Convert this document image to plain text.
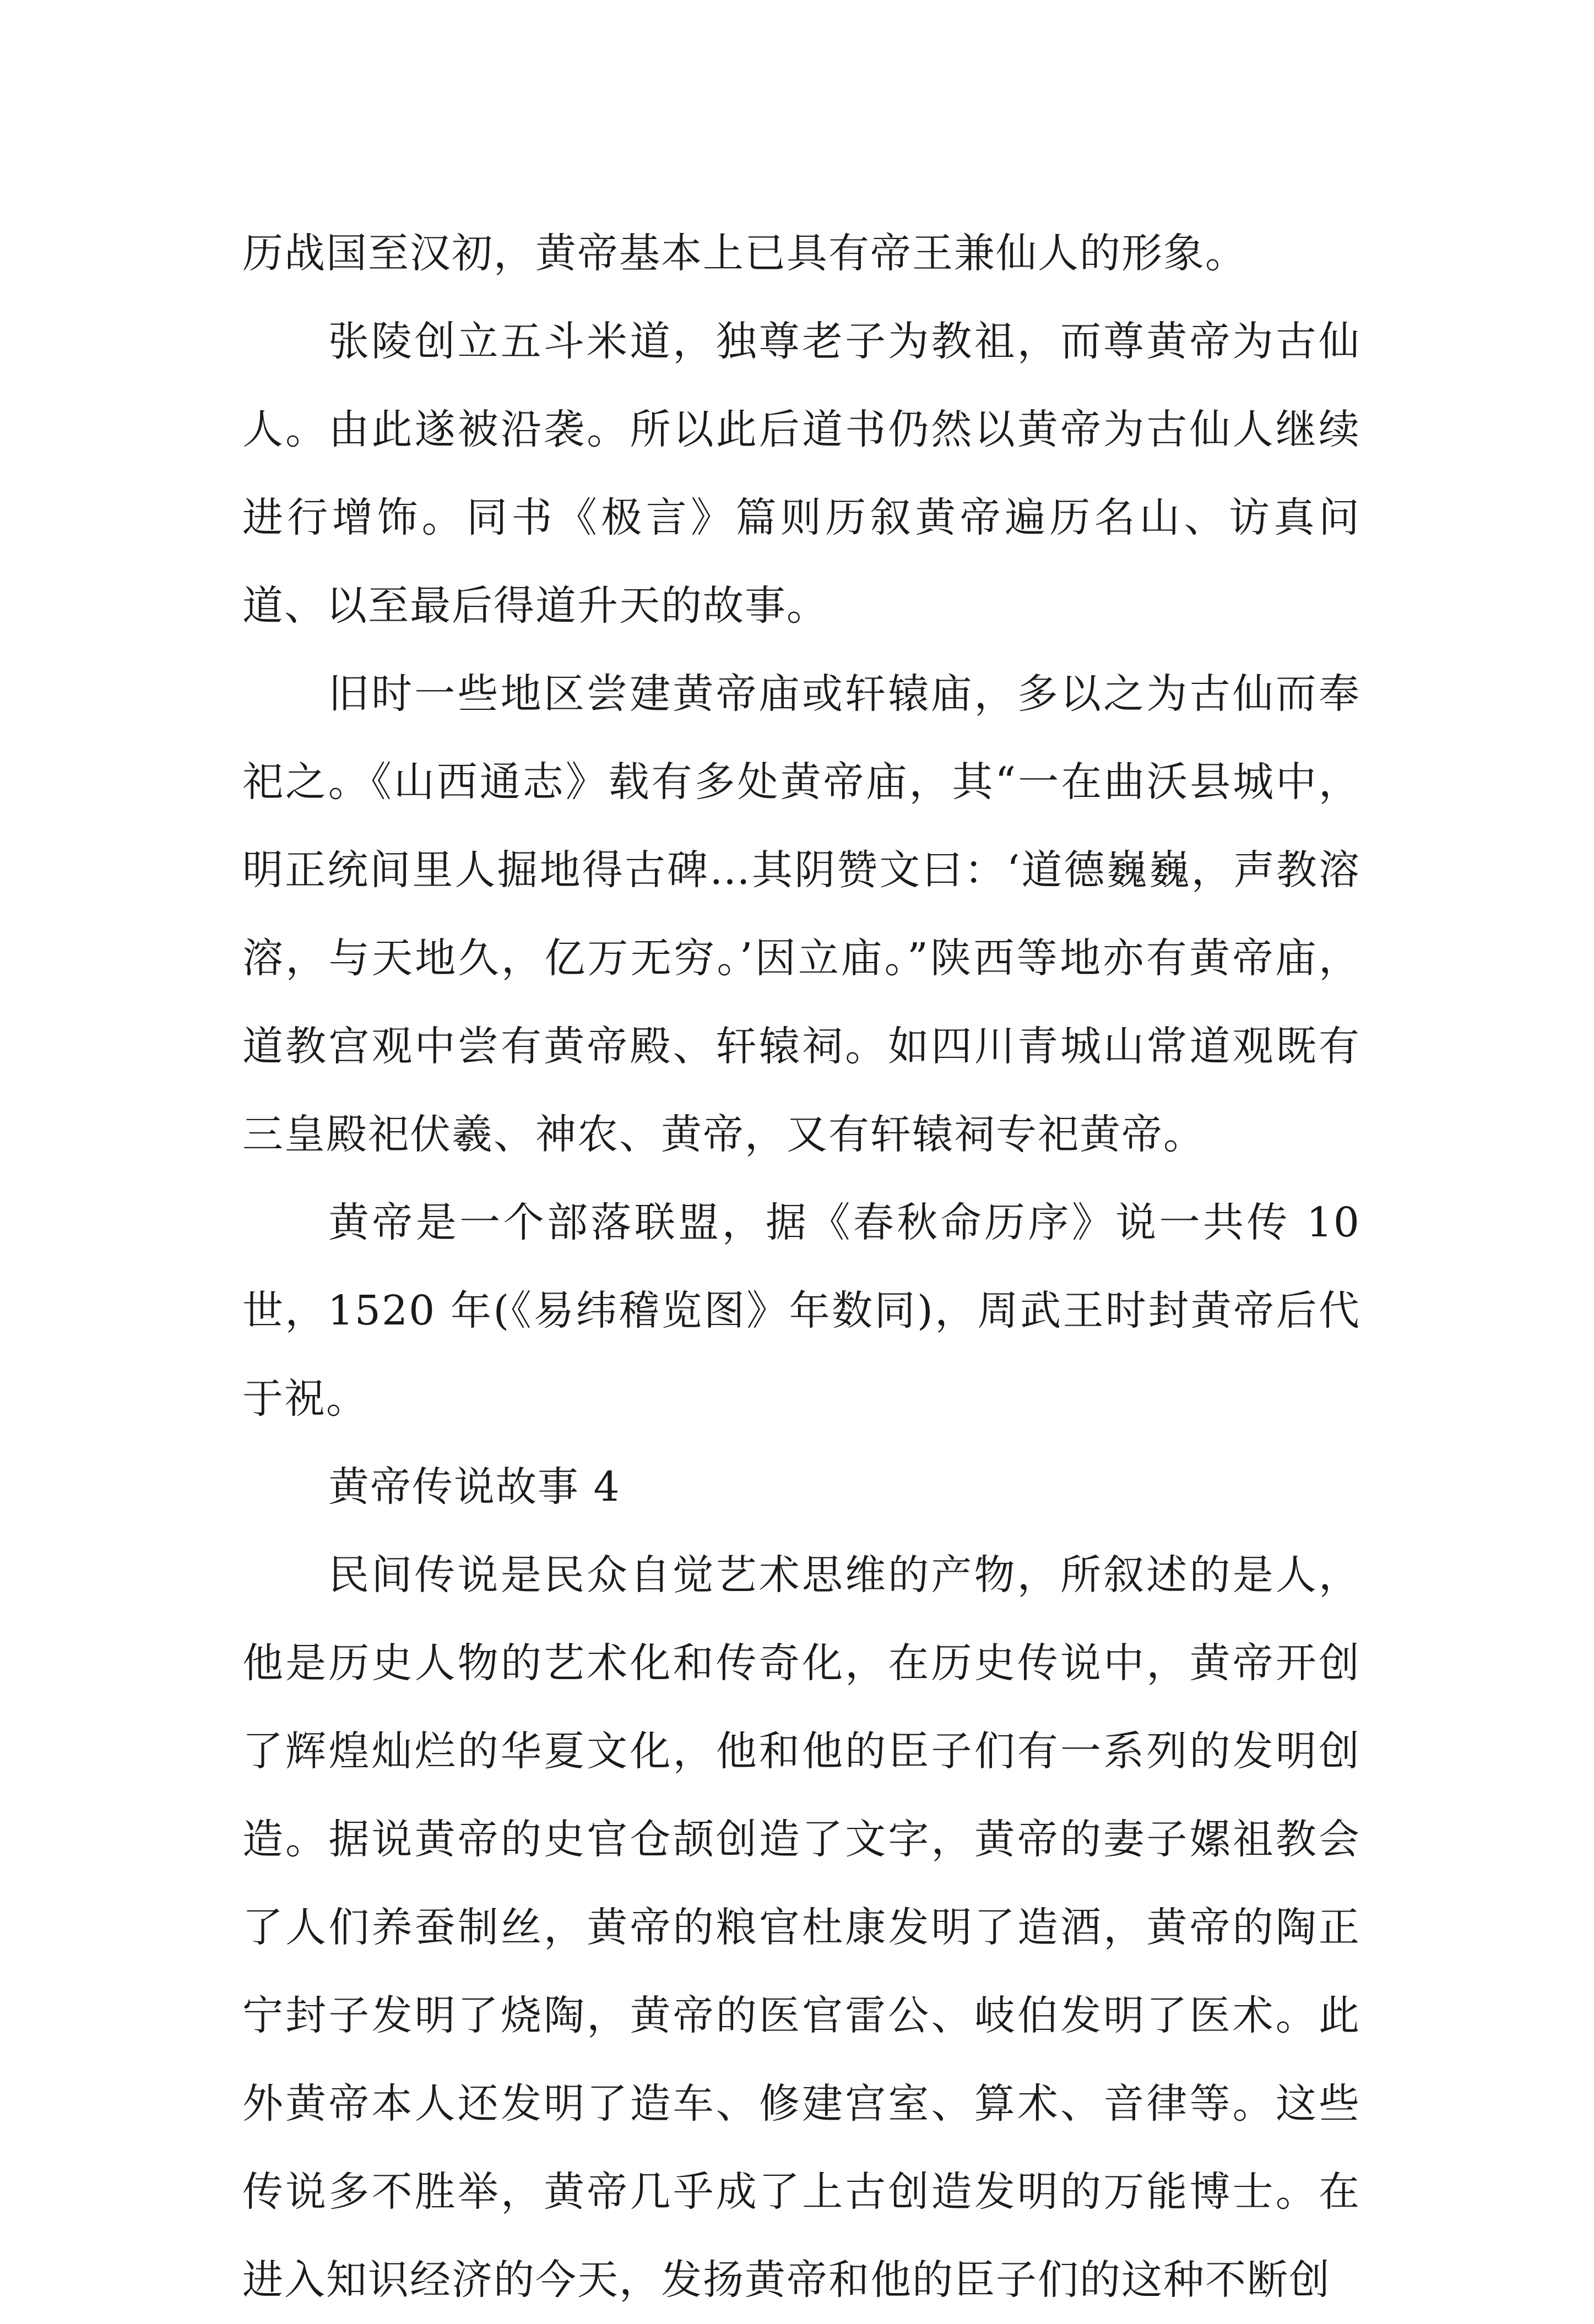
历战国至汉初，黄帝基本上已具有帝王兼仙人的形象。

张陵创立五斗米道，独尊老子为教祖，而尊黄帝为古仙人。由此遂被沿袭。所以此后道书仍然以黄帝为古仙人继续进行增饰。同书《极言》篇则历叙黄帝遍历名山、访真问道、以至最后得道升天的故事。

旧时一些地区尝建黄帝庙或轩辕庙，多以之为古仙而奉祀之。《山西通志》载有多处黄帝庙，其“一在曲沃县城中，明正统间里人掘地得古碑…其阴赞文曰：‘道德巍巍，声教溶溶，与天地久，亿万无穷。’因立庙。”陕西等地亦有黄帝庙，道教宫观中尝有黄帝殿、轩辕祠。如四川青城山常道观既有三皇殿祀伏羲、神农、黄帝，又有轩辕祠专祀黄帝。

黄帝是一个部落联盟，据《春秋命历序》说一共传 10 世，1520 年(《易纬稽览图》年数同)，周武王时封黄帝后代于祝。

黄帝传说故事 4

民间传说是民众自觉艺术思维的产物，所叙述的是人，他是历史人物的艺术化和传奇化，在历史传说中，黄帝开创了辉煌灿烂的华夏文化，他和他的臣子们有一系列的发明创造。据说黄帝的史官仓颉创造了文字，黄帝的妻子嫘祖教会了人们养蚕制丝，黄帝的粮官杜康发明了造酒，黄帝的陶正宁封子发明了烧陶，黄帝的医官雷公、岐伯发明了医术。此外黄帝本人还发明了造车、修建宫室、算术、音律等。这些传说多不胜举，黄帝几乎成了上古创造发明的万能博士。在进入知识经济的今天，发扬黄帝和他的臣子们的这种不断创
